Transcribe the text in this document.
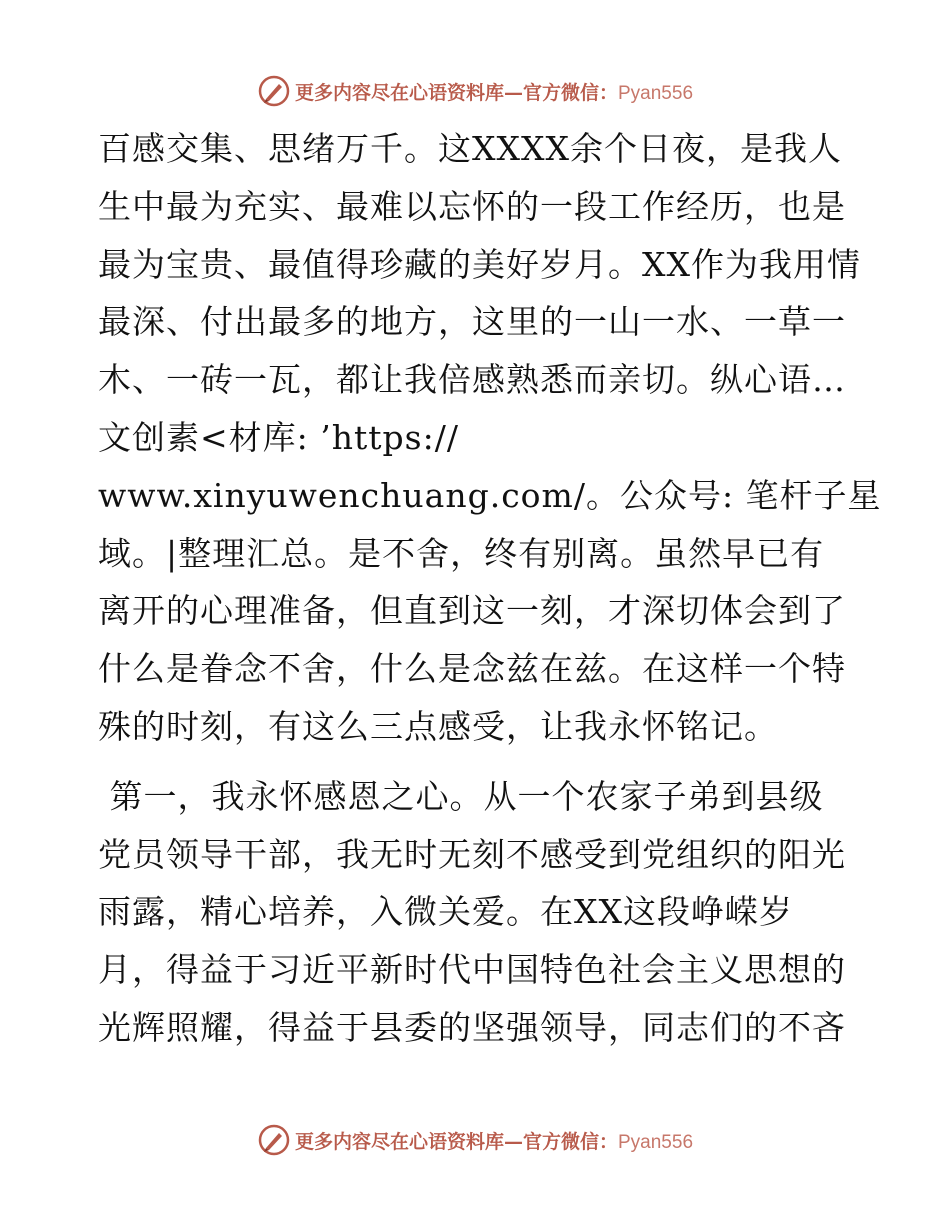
更多内容尽在心语资料库—官方微信：Pyan556
百感交集、思绪万千。这XXXX余个日夜，是我人
生中最为充实、最难以忘怀的一段工作经历，也是
最为宝贵、最值得珍藏的美好岁月。XX作为我用情
最深、付出最多的地方，这里的一山一水、一草一
木、一砖一瓦，都让我倍感熟悉而亲切。纵心语…
文创素<材库: ’https://
www.xinyuwenchuang.com/。公众号: 笔杆子星
域。|整理汇总。是不舍，终有别离。虽然早已有
离开的心理准备，但直到这一刻，才深切体会到了
什么是眷念不舍，什么是念兹在兹。在这样一个特
殊的时刻，有这么三点感受，让我永怀铭记。
第一，我永怀感恩之心。从一个农家子弟到县级
党员领导干部，我无时无刻不感受到党组织的阳光
雨露，精心培养，入微关爱。在XX这段峥嵘岁
月，得益于习近平新时代中国特色社会主义思想的
光辉照耀，得益于县委的坚强领导，同志们的不吝
更多内容尽在心语资料库—官方微信：Pyan556
